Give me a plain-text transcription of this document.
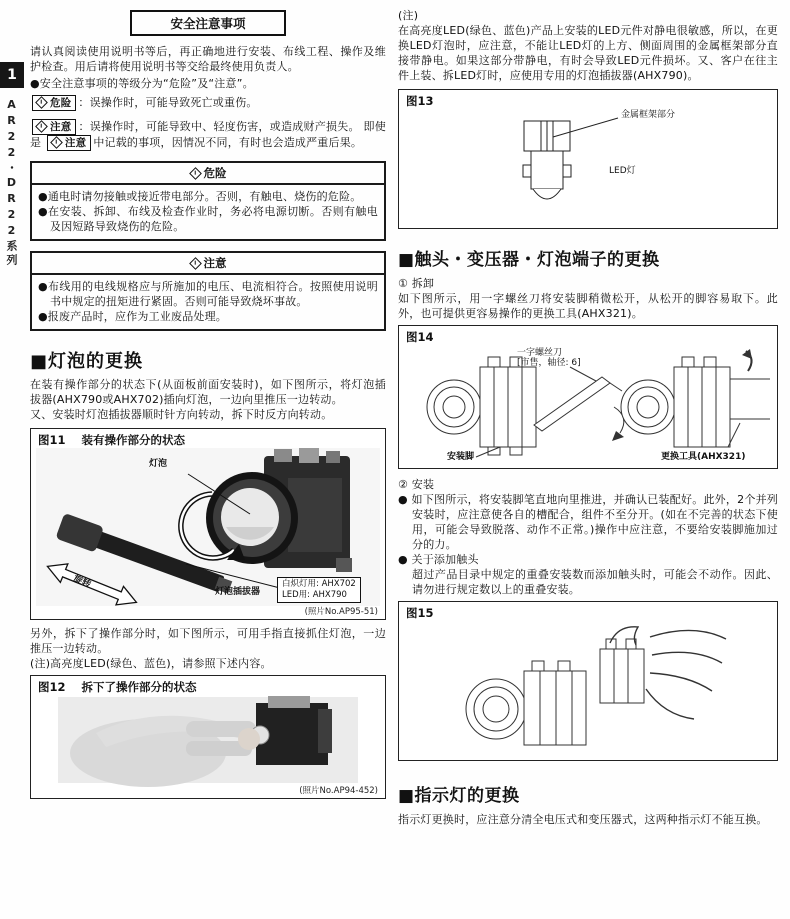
1
AR22・DR22系列
安全注意事项

请认真阅读使用说明书等后，再正确地进行安装、布线工程、操作及维护检查。用后请将使用说明书等交给最终使用负责人。

●安全注意事项的等级分为“危险”及“注意”。

危险 ：误操作时，可能导致死亡或重伤。

注意 ：误操作时，可能导致中、轻度伤害，或造成财产损失。 即使是 注意 中记载的事项，因情况不同，有时也会造成严重后果。

危险

●通电时请勿接触或接近带电部分。否则，有触电、烧伤的危险。

●在安装、拆卸、布线及检查作业时，务必将电源切断。否则有触电及因短路导致烧伤的危险。

注意

●布线用的电线规格应与所施加的电压、电流相符合。按照使用说明书中规定的扭矩进行紧固。否则可能导致烧坏事故。

●报废产品时，应作为工业废品处理。

■灯泡的更换

在装有操作部分的状态下(从面板前面安装时)，如下图所示，将灯泡插拔器(AHX790或AHX702)插向灯泡，一边向里推压一边转动。

又、安装时灯泡插拔器顺时针方向转动，拆下时反方向转动。

图11 装有操作部分的状态
灯泡
旋转
灯泡插拔器
白炽灯用: AHX702
LED用: AHX790
(照片No.AP95-51)

另外，拆下了操作部分时，如下图所示，可用手指直接抓住灯泡，一边推压一边转动。

(注)高亮度LED(绿色、蓝色)，请参照下述内容。

图12 拆下了操作部分的状态
(照片No.AP94-452)

(注)

在高亮度LED(绿色、蓝色)产品上安装的LED元件对静电很敏感，所以，在更换LED灯泡时，应注意，不能让LED灯的上方、侧面周围的金属框架部分直接带静电。如果这部分带静电，有时会导致LED元件损坏。又、客户在往主件上装、拆LED灯时，应使用专用的灯泡插拔器(AHX790)。

图13
金属框架部分
LED灯
■触头・变压器・灯泡端子的更换

① 拆卸

如下图所示，用一字螺丝刀将安装脚稍微松开，从松开的脚容易取下。此外，也可提供更容易操作的更换工具(AHX321)。

图14
一字螺丝刀
[市售，轴径: 6]
安装脚	更换工具(AHX321)

② 安装

● 如下图所示，将安装脚笔直地向里推进，并确认已装配好。此外，2个并列安装时，应注意使各自的槽配合，组件不至分开。(如在不完善的状态下使用，可能会导致脱落、动作不正常。)操作中应注意，不要给安装脚施加过分的力。

● 关于添加触头

超过产品目录中规定的重叠安装数而添加触头时，可能会不动作。因此、请勿进行规定数以上的重叠安装。

图15
■指示灯的更换

指示灯更换时，应注意分清全电压式和变压器式，这两种指示灯不能互换。
